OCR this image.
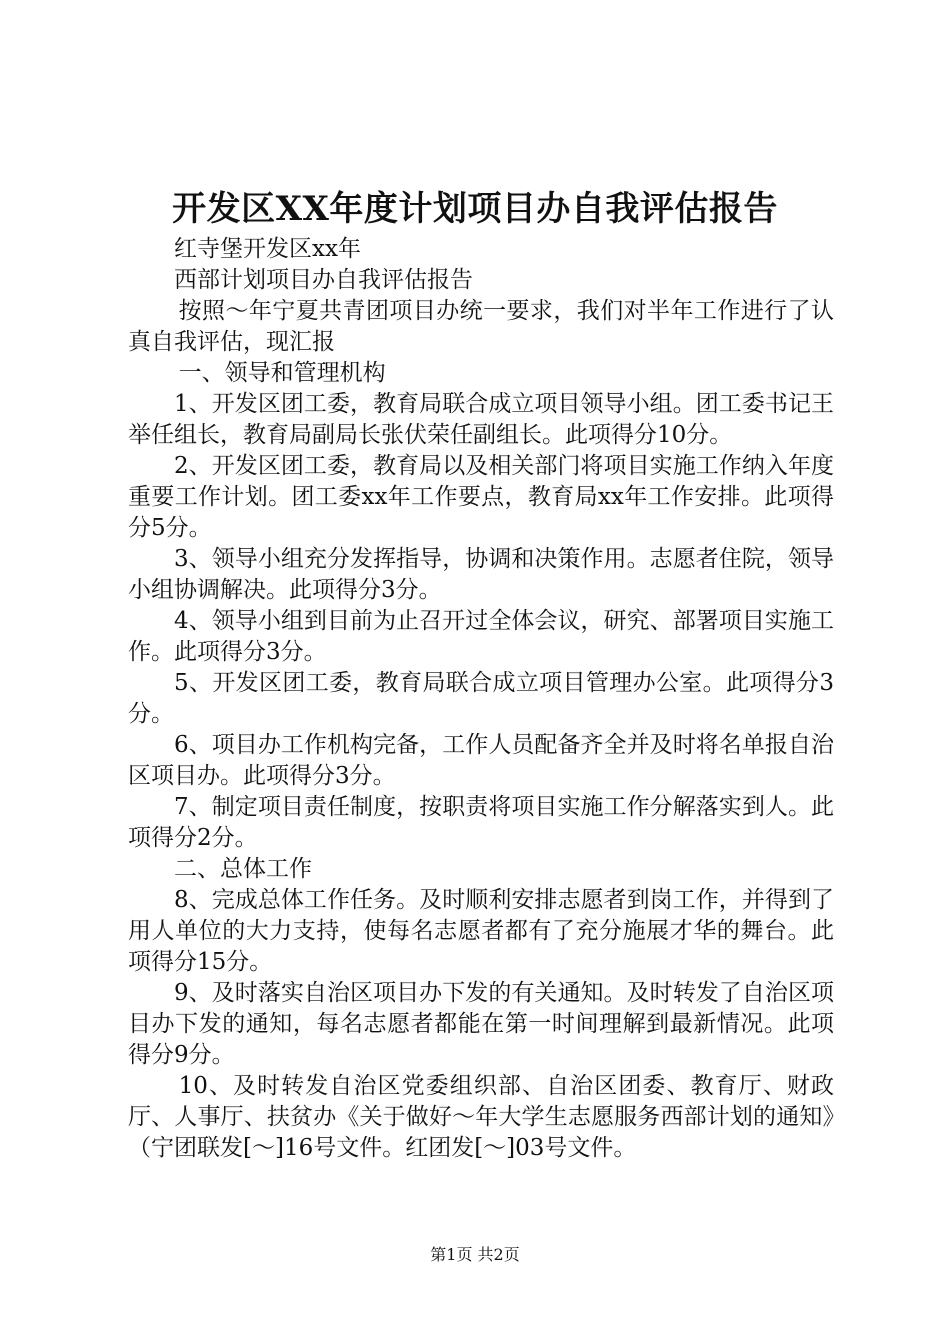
开发区XX年度计划项目办自我评估报告

红寺堡开发区xx年

西部计划项目办自我评估报告

按照～年宁夏共青团项目办统一要求，我们对半年工作进行了认真自我评估，现汇报

一、领导和管理机构

1、开发区团工委，教育局联合成立项目领导小组。团工委书记王举任组长，教育局副局长张伏荣任副组长。此项得分10分。

2、开发区团工委，教育局以及相关部门将项目实施工作纳入年度重要工作计划。团工委xx年工作要点，教育局xx年工作安排。此项得分5分。

3、领导小组充分发挥指导，协调和决策作用。志愿者住院，领导小组协调解决。此项得分3分。

4、领导小组到目前为止召开过全体会议，研究、部署项目实施工作。此项得分3分。

5、开发区团工委，教育局联合成立项目管理办公室。此项得分3分。

6、项目办工作机构完备，工作人员配备齐全并及时将名单报自治区项目办。此项得分3分。

7、制定项目责任制度，按职责将项目实施工作分解落实到人。此项得分2分。

二、总体工作

8、完成总体工作任务。及时顺利安排志愿者到岗工作，并得到了用人单位的大力支持，使每名志愿者都有了充分施展才华的舞台。此项得分15分。

9、及时落实自治区项目办下发的有关通知。及时转发了自治区项目办下发的通知，每名志愿者都能在第一时间理解到最新情况。此项得分9分。

10、及时转发自治区党委组织部、自治区团委、教育厅、财政厅、人事厅、扶贫办《关于做好～年大学生志愿服务西部计划的通知》（宁团联发[～]16号文件。红团发[～]03号文件。

第1页 共2页
